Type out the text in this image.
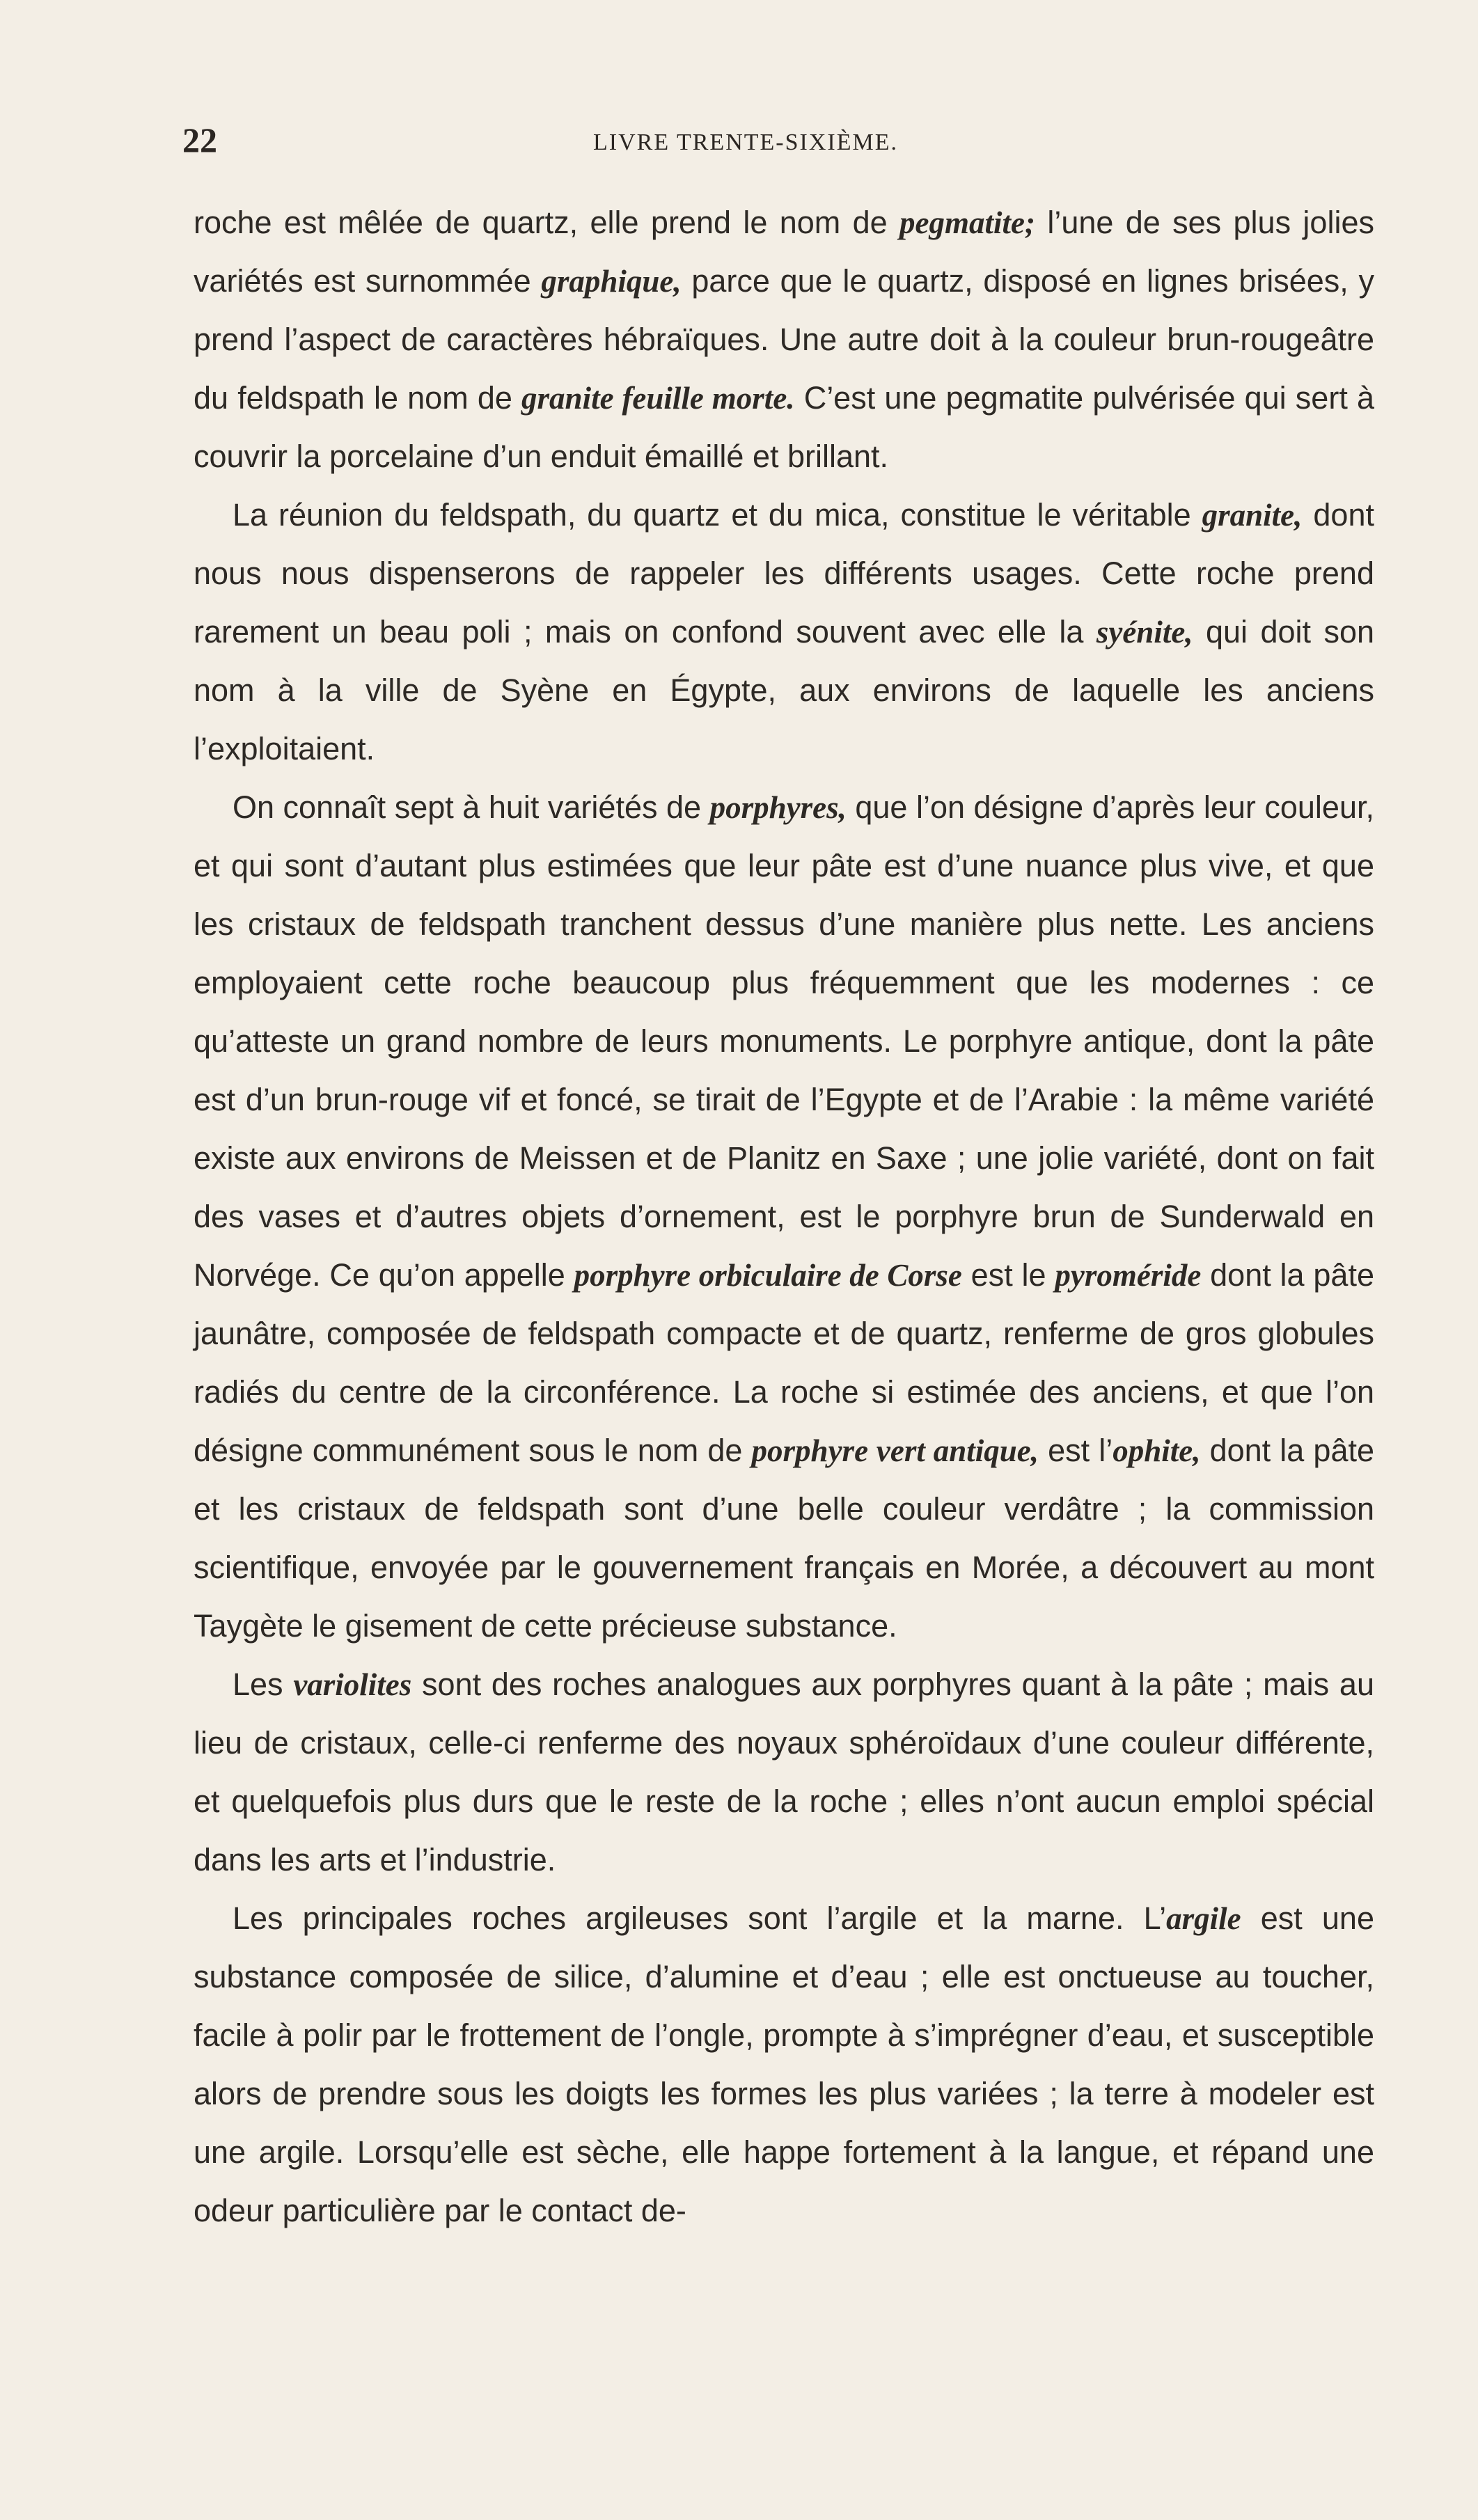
22	LIVRE TRENTE-SIXIÈME.

roche est mêlée de quartz, elle prend le nom de pegmatite; l’une de ses plus jolies variétés est surnommée graphique, parce que le quartz, disposé en lignes brisées, y prend l’aspect de caractères hébraïques. Une autre doit à la couleur brun-rougeâtre du feldspath le nom de granite feuille morte. C’est une pegmatite pulvérisée qui sert à couvrir la porcelaine d’un enduit émaillé et brillant.

La réunion du feldspath, du quartz et du mica, constitue le véritable granite, dont nous nous dispenserons de rappeler les différents usages. Cette roche prend rarement un beau poli ; mais on confond souvent avec elle la syénite, qui doit son nom à la ville de Syène en Égypte, aux environs de laquelle les anciens l’exploitaient.

On connaît sept à huit variétés de porphyres, que l’on désigne d’après leur couleur, et qui sont d’autant plus estimées que leur pâte est d’une nuance plus vive, et que les cristaux de feldspath tranchent dessus d’une manière plus nette. Les anciens employaient cette roche beaucoup plus fréquemment que les modernes : ce qu’atteste un grand nombre de leurs monuments. Le porphyre antique, dont la pâte est d’un brun-rouge vif et foncé, se tirait de l’Egypte et de l’Arabie : la même variété existe aux environs de Meissen et de Planitz en Saxe ; une jolie variété, dont on fait des vases et d’autres objets d’ornement, est le porphyre brun de Sunderwald en Norvége. Ce qu’on appelle porphyre orbiculaire de Corse est le pyroméride dont la pâte jaunâtre, composée de feldspath compacte et de quartz, renferme de gros globules radiés du centre de la circonférence. La roche si estimée des anciens, et que l’on désigne communément sous le nom de porphyre vert antique, est l’ophite, dont la pâte et les cristaux de feldspath sont d’une belle couleur verdâtre ; la commission scientifique, envoyée par le gouvernement français en Morée, a découvert au mont Taygète le gisement de cette précieuse substance.

Les variolites sont des roches analogues aux porphyres quant à la pâte ; mais au lieu de cristaux, celle-ci renferme des noyaux sphéroïdaux d’une couleur différente, et quelquefois plus durs que le reste de la roche ; elles n’ont aucun emploi spécial dans les arts et l’industrie.

Les principales roches argileuses sont l’argile et la marne. L’argile est une substance composée de silice, d’alumine et d’eau ; elle est onctueuse au toucher, facile à polir par le frottement de l’ongle, prompte à s’imprégner d’eau, et susceptible alors de prendre sous les doigts les formes les plus variées ; la terre à modeler est une argile. Lorsqu’elle est sèche, elle happe fortement à la langue, et répand une odeur particulière par le contact de-
